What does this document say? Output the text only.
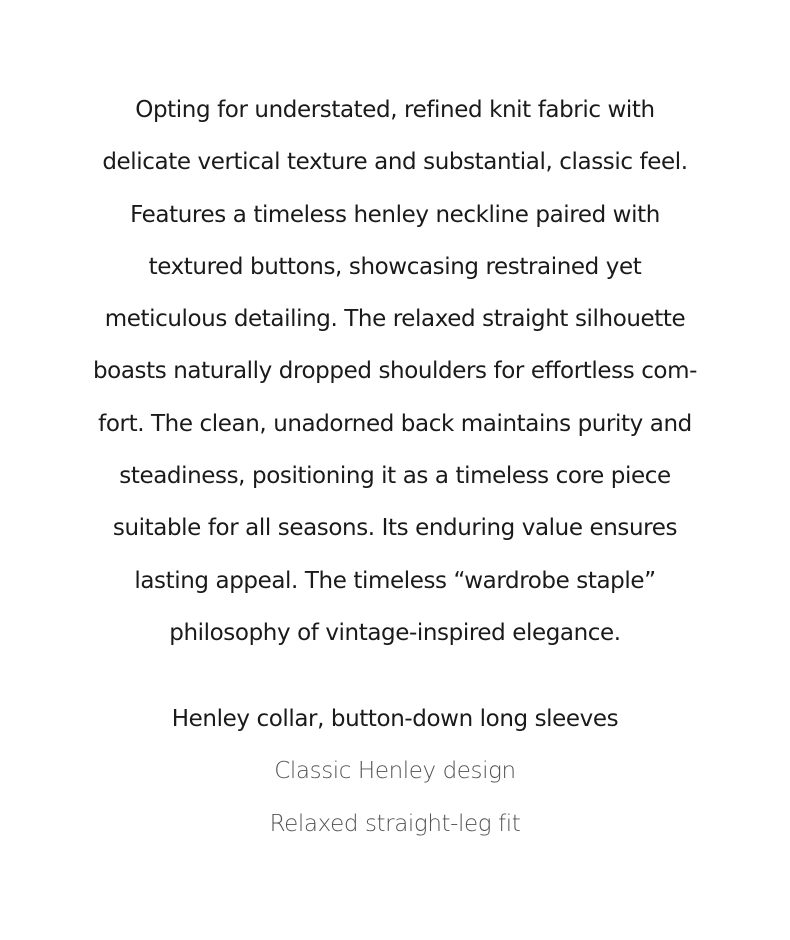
Opting for understated, refined knit fabric with
delicate vertical texture and substantial, classic feel.
Features a timeless henley neckline paired with
textured buttons, showcasing restrained yet
meticulous detailing. The relaxed straight silhouette
boasts naturally dropped shoulders for effortless com-
fort. The clean, unadorned back maintains purity and
steadiness, positioning it as a timeless core piece
suitable for all seasons. Its enduring value ensures
lasting appeal. The timeless “wardrobe staple”
philosophy of vintage-inspired elegance.
Henley collar, button-down long sleeves
Classic Henley design
Relaxed straight-leg fit
